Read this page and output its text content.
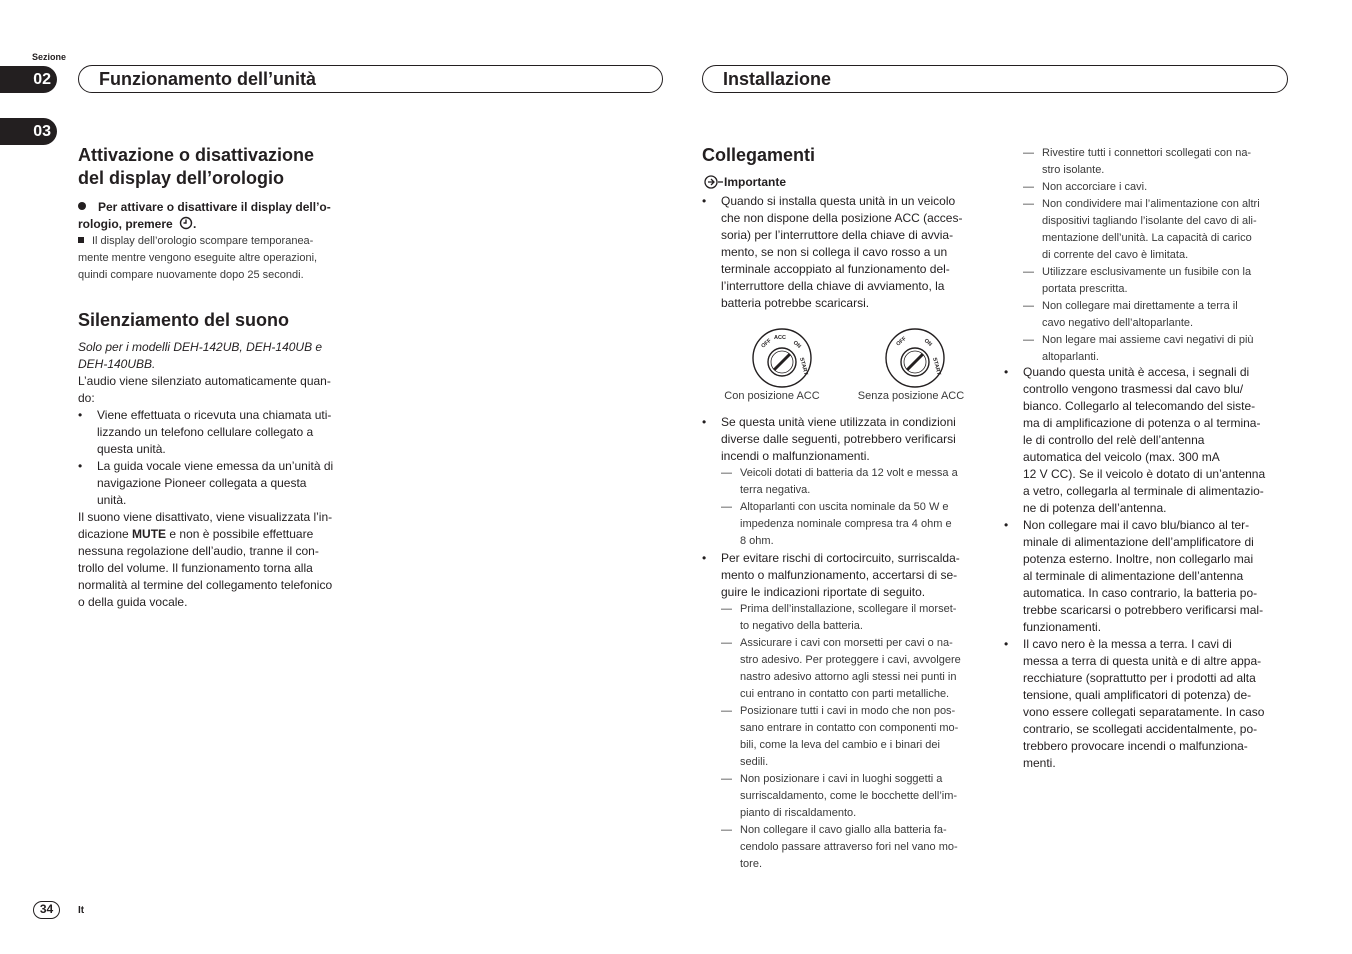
Sezione
02
03
Funzionamento dell’unità	Installazione
Attivazione o disattivazione
del display dell’orologio
Per attivare o disattivare il display dell’o-
rologio, premere .
Il display dell’orologio scompare temporanea-
mente mentre vengono eseguite altre operazioni,
quindi compare nuovamente dopo 25 secondi.
Silenziamento del suono
Solo per i modelli DEH-142UB, DEH-140UB e
DEH-140UBB.
L’audio viene silenziato automaticamente quan-
do:
• Viene effettuata o ricevuta una chiamata uti-
lizzando un telefono cellulare collegato a
questa unità.
• La guida vocale viene emessa da un’unità di
navigazione Pioneer collegata a questa
unità.
Il suono viene disattivato, viene visualizzata l’in-
dicazione MUTE e non è possibile effettuare
nessuna regolazione dell’audio, tranne il con-
trollo del volume. Il funzionamento torna alla
normalità al termine del collegamento telefonico
o della guida vocale.
Collegamenti
Importante
• Quando si installa questa unità in un veicolo
che non dispone della posizione ACC (acces-
soria) per l’interruttore della chiave di avvia-
mento, se non si collega il cavo rosso a un
terminale accoppiato al funzionamento del-
l’interruttore della chiave di avviamento, la
batteria potrebbe scaricarsi.
OFF ACC
ON
START
OFF	ON
START
Con posizione ACC	Senza posizione ACC
• Se questa unità viene utilizzata in condizioni
diverse dalle seguenti, potrebbero verificarsi
incendi o malfunzionamenti.
— Veicoli dotati di batteria da 12 volt e messa a
terra negativa.
— Altoparlanti con uscita nominale da 50 W e
impedenza nominale compresa tra 4 ohm e
8 ohm.
• Per evitare rischi di cortocircuito, surriscalda-
mento o malfunzionamento, accertarsi di se-
guire le indicazioni riportate di seguito.
— Prima dell’installazione, scollegare il morset-
to negativo della batteria.
— Assicurare i cavi con morsetti per cavi o na-
stro adesivo. Per proteggere i cavi, avvolgere
nastro adesivo attorno agli stessi nei punti in
cui entrano in contatto con parti metalliche.
— Posizionare tutti i cavi in modo che non pos-
sano entrare in contatto con componenti mo-
bili, come la leva del cambio e i binari dei
sedili.
— Non posizionare i cavi in luoghi soggetti a
surriscaldamento, come le bocchette dell’im-
pianto di riscaldamento.
— Non collegare il cavo giallo alla batteria fa-
cendolo passare attraverso fori nel vano mo-
tore.
— Rivestire tutti i connettori scollegati con na-
stro isolante.
— Non accorciare i cavi.
— Non condividere mai l’alimentazione con altri
dispositivi tagliando l’isolante del cavo di ali-
mentazione dell’unità. La capacità di carico
di corrente del cavo è limitata.
— Utilizzare esclusivamente un fusibile con la
portata prescritta.
— Non collegare mai direttamente a terra il
cavo negativo dell’altoparlante.
— Non legare mai assieme cavi negativi di più
altoparlanti.
• Quando questa unità è accesa, i segnali di
controllo vengono trasmessi dal cavo blu/
bianco. Collegarlo al telecomando del siste-
ma di amplificazione di potenza o al termina-
le di controllo del relè dell’antenna
automatica del veicolo (max. 300 mA
12 V CC). Se il veicolo è dotato di un’antenna
a vetro, collegarla al terminale di alimentazio-
ne di potenza dell’antenna.
• Non collegare mai il cavo blu/bianco al ter-
minale di alimentazione dell’amplificatore di
potenza esterno. Inoltre, non collegarlo mai
al terminale di alimentazione dell’antenna
automatica. In caso contrario, la batteria po-
trebbe scaricarsi o potrebbero verificarsi mal-
funzionamenti.
• Il cavo nero è la messa a terra. I cavi di
messa a terra di questa unità e di altre appa-
recchiature (soprattutto per i prodotti ad alta
tensione, quali amplificatori di potenza) de-
vono essere collegati separatamente. In caso
contrario, se scollegati accidentalmente, po-
trebbero provocare incendi o malfunziona-
menti.
34	It
